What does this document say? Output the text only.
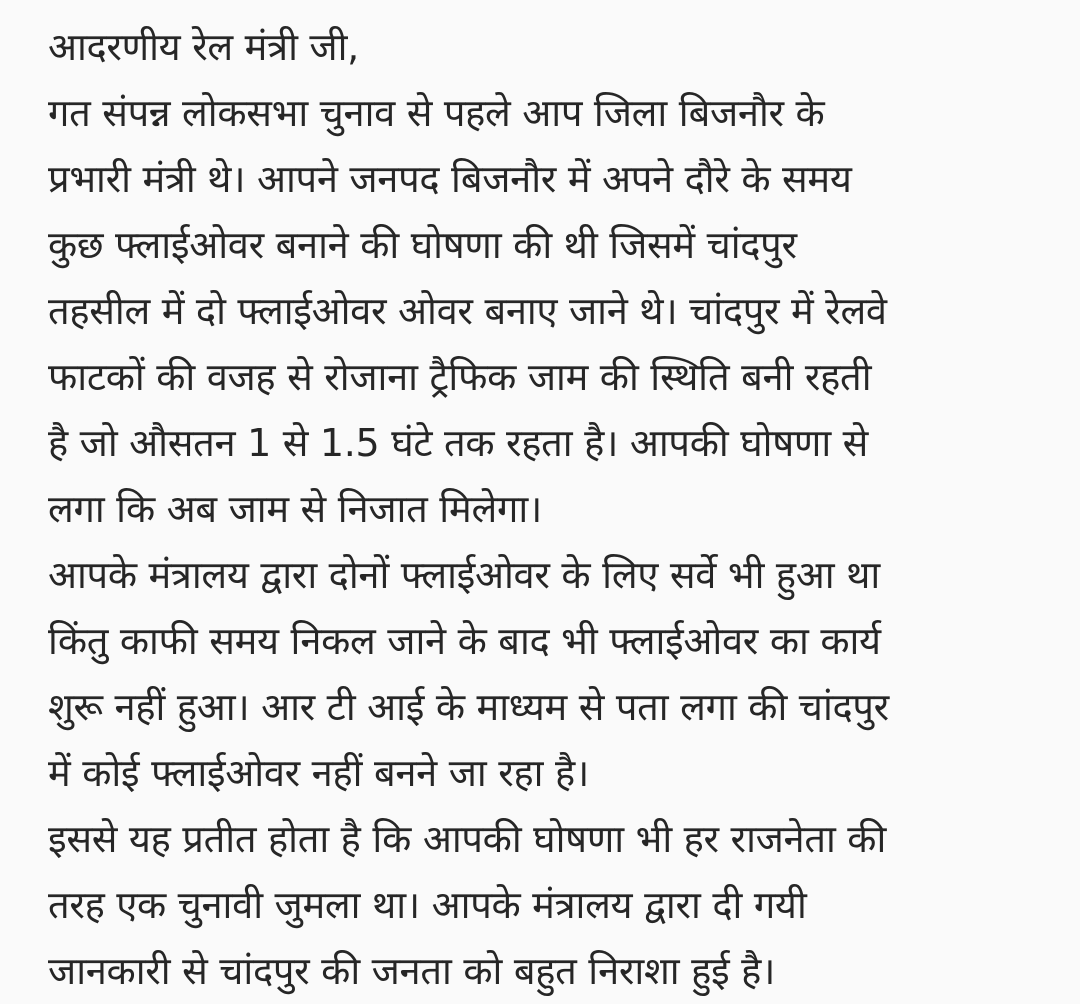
आदरणीय रेल मंत्री जी,
गत संपन्न लोकसभा चुनाव से पहले आप जिला बिजनौर के
प्रभारी मंत्री थे। आपने जनपद बिजनौर में अपने दौरे के समय
कुछ फ्लाईओवर बनाने की घोषणा की थी जिसमें चांदपुर
तहसील में दो फ्लाईओवर ओवर बनाए जाने थे। चांदपुर में रेलवे
फाटकों की वजह से रोजाना ट्रैफिक जाम की स्थिति बनी रहती
है जो औसतन 1 से 1.5 घंटे तक रहता है। आपकी घोषणा से
लगा कि अब जाम से निजात मिलेगा।
आपके मंत्रालय द्वारा दोनों फ्लाईओवर के लिए सर्वे भी हुआ था
किंतु काफी समय निकल जाने के बाद भी फ्लाईओवर का कार्य
शुरू नहीं हुआ। आर टी आई के माध्यम से पता लगा की चांदपुर
में कोई फ्लाईओवर नहीं बनने जा रहा है।
इससे यह प्रतीत होता है कि आपकी घोषणा भी हर राजनेता की
तरह एक चुनावी जुमला था। आपके मंत्रालय द्वारा दी गयी
जानकारी से चांदपुर की जनता को बहुत निराशा हुई है।
